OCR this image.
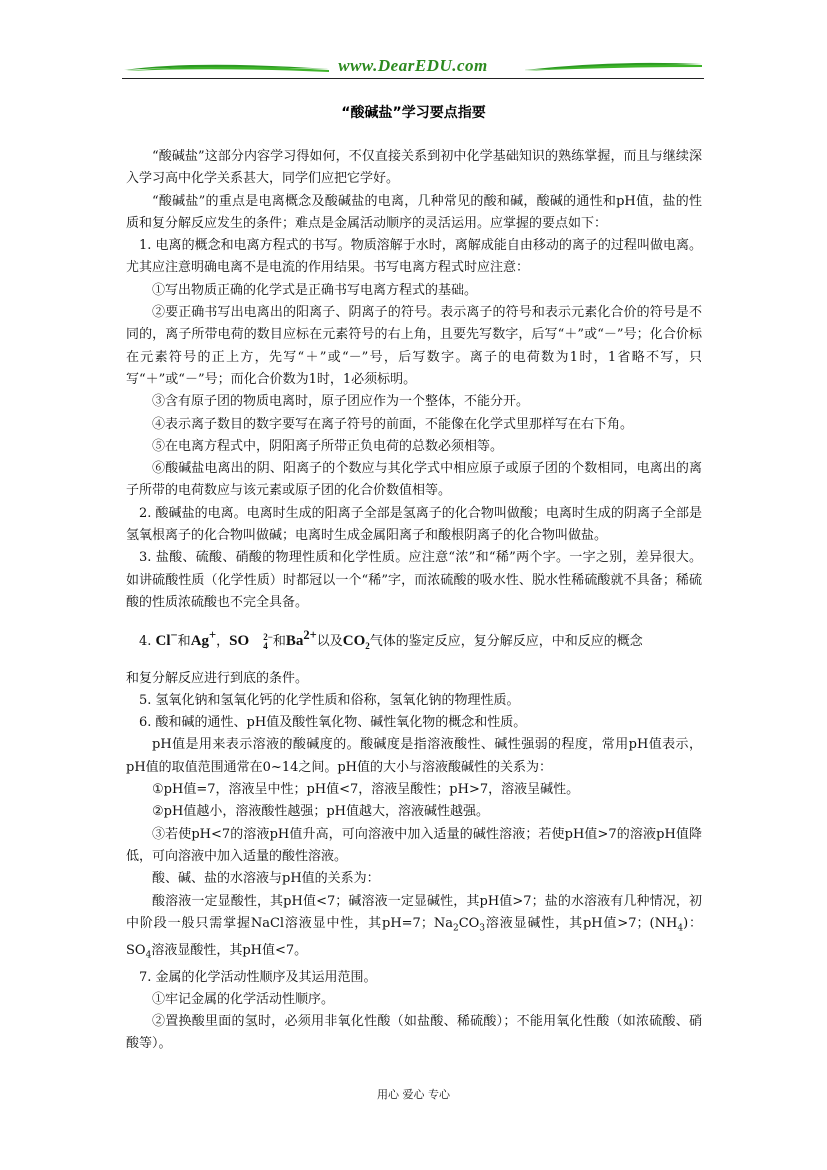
www.DearEDU.com
“酸碱盐”学习要点指要

“酸碱盐”这部分内容学习得如何，不仅直接关系到初中化学基础知识的熟练掌握，而且与继续深入学习高中化学关系甚大，同学们应把它学好。

“酸碱盐”的重点是电离概念及酸碱盐的电离，几种常见的酸和碱，酸碱的通性和pH值，盐的性质和复分解反应发生的条件；难点是金属活动顺序的灵活运用。应掌握的要点如下：

1. 电离的概念和电离方程式的书写。物质溶解于水时，离解成能自由移动的离子的过程叫做电离。尤其应注意明确电离不是电流的作用结果。书写电离方程式时应注意：

①写出物质正确的化学式是正确书写电离方程式的基础。

②要正确书写出电离出的阳离子、阴离子的符号。表示离子的符号和表示元素化合价的符号是不同的，离子所带电荷的数目应标在元素符号的右上角，且要先写数字，后写“＋”或“－”号；化合价标在元素符号的正上方，先写“＋”或“－”号，后写数字。离子的电荷数为1时，1省略不写，只写“＋”或“－”号；而化合价数为1时，1必须标明。

③含有原子团的物质电离时，原子团应作为一个整体，不能分开。

④表示离子数目的数字要写在离子符号的前面，不能像在化学式里那样写在右下角。

⑤在电离方程式中，阴阳离子所带正负电荷的总数必须相等。

⑥酸碱盐电离出的阴、阳离子的个数应与其化学式中相应原子或原子团的个数相同，电离出的离子所带的电荷数应与该元素或原子团的化合价数值相等。

2. 酸碱盐的电离。电离时生成的阳离子全部是氢离子的化合物叫做酸；电离时生成的阴离子全部是氢氧根离子的化合物叫做碱；电离时生成金属阳离子和酸根阴离子的化合物叫做盐。

3. 盐酸、硫酸、硝酸的物理性质和化学性质。应注意“浓”和“稀”两个字。一字之别，差异很大。如讲硫酸性质（化学性质）时都冠以一个“稀”字，而浓硫酸的吸水性、脱水性稀硫酸就不具备；稀硫酸的性质浓硫酸也不完全具备。

4. Cl−和Ag+，SO	2−
4 和$Ba^{2+}$以及$CO_2$气体的鉴定反应，复分解反应，中和反应的概念

和复分解反应进行到底的条件。

5. 氢氧化钠和氢氧化钙的化学性质和俗称，氢氧化钠的物理性质。

6. 酸和碱的通性、pH值及酸性氧化物、碱性氧化物的概念和性质。

pH值是用来表示溶液的酸碱度的。酸碱度是指溶液酸性、碱性强弱的程度，常用pH值表示，pH值的取值范围通常在0~14之间。pH值的大小与溶液酸碱性的关系为：

①pH值=7，溶液呈中性；pH值<7，溶液呈酸性；pH>7，溶液呈碱性。

②pH值越小，溶液酸性越强；pH值越大，溶液碱性越强。

③若使pH<7的溶液pH值升高，可向溶液中加入适量的碱性溶液；若使pH值>7的溶液pH值降低，可向溶液中加入适量的酸性溶液。

酸、碱、盐的水溶液与pH值的关系为：

酸溶液一定显酸性，其pH值<7；碱溶液一定显碱性，其pH值>7；盐的水溶液有几种情况，初中阶段一般只需掌握NaCl溶液显中性，其pH=7；$Na_2CO_3$溶液显碱性，其pH值>7；$(NH_4)$：$SO_4$溶液显酸性，其pH值<7。

7. 金属的化学活动性顺序及其运用范围。

①牢记金属的化学活动性顺序。

②置换酸里面的氢时，必须用非氧化性酸（如盐酸、稀硫酸）；不能用氧化性酸（如浓硫酸、硝酸等）。

用心 爱心 专心
